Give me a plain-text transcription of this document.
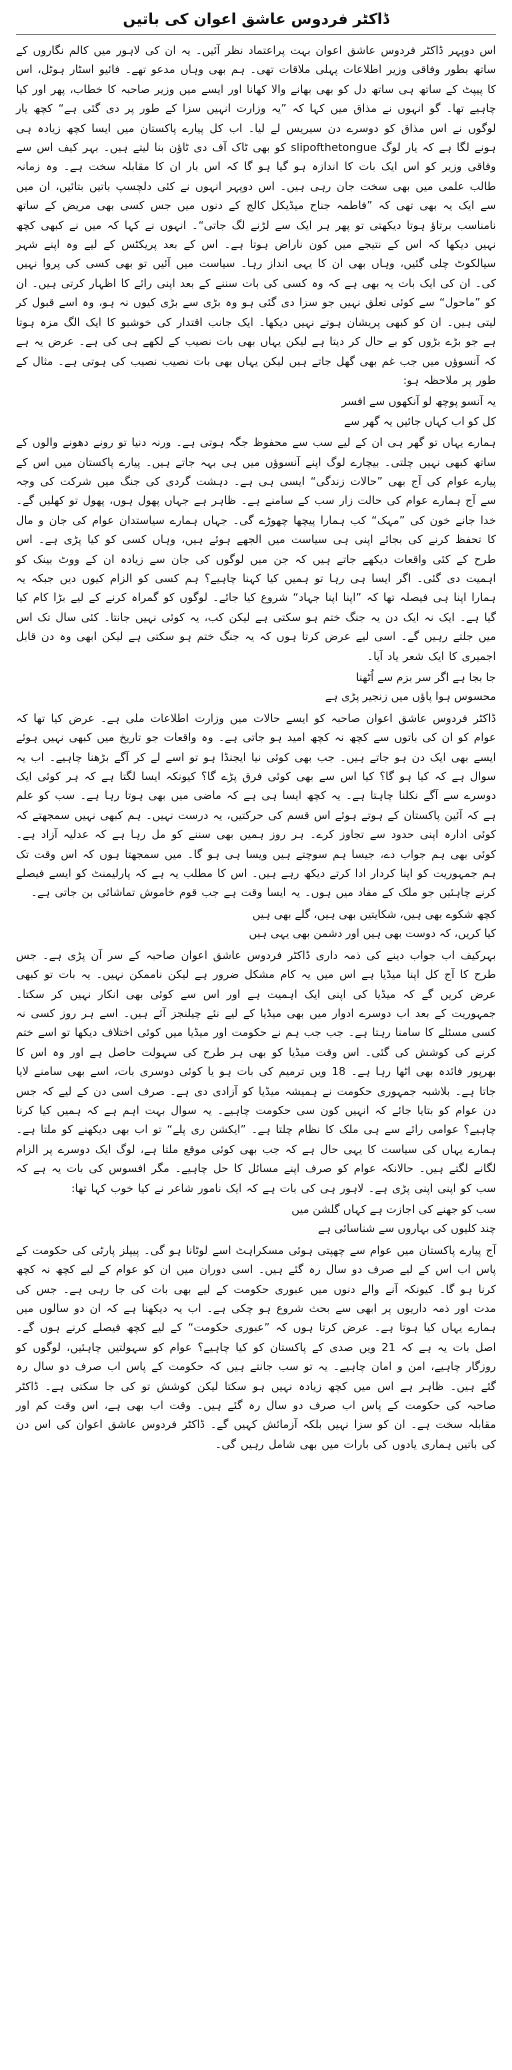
ڈاکٹر فردوس عاشق اعوان کی باتیں
اس دوپہر ڈاکٹر فردوس عاشق اعوان بہت پراعتماد نظر آئیں۔ یہ ان کی لاہور میں کالم نگاروں کے ساتھ بطور وفاقی وزیر اطلاعات پہلی ملاقات تھی۔ ہم بھی وہاں مدعو تھے۔ فائیو اسٹار ہوٹل، اس کا پیپٹ کے ساتھ ہی ساتھ دل کو بھی بھانے والا کھانا اور ایسے میں وزیر صاحبہ کا خطاب، پھر اور کیا چاہیے تھا۔ گو انہوں نے مذاق میں کہا کہ ”یہ وزارت انہیں سزا کے طور پر دی گئی ہے“ کچھ یار لوگوں نے اس مذاق کو دوسرے دن سیریس لے لیا۔ اب کل پیارے پاکستان میں ایسا کچھ زیادہ ہی ہونے لگا ہے کہ یار لوگ slipofthetongue کو بھی ٹاک آف دی ٹاؤن بنا لیتے ہیں۔ بہر کیف اس سے وفاقی وزیر کو اس ایک بات کا اندازہ ہو گیا ہو گا کہ اس بار ان کا مقابلہ سخت ہے۔ وہ زمانہ طالب علمی میں بھی سخت جان رہی ہیں۔ اس دوپہر انہوں نے کئی دلچسپ باتیں بتائیں، ان میں سے ایک یہ بھی تھی کہ ”فاطمہ جناح میڈیکل کالج کے دنوں میں جس کسی بھی مریض کے ساتھ نامناسب برتاؤ ہوتا دیکھتی تو پھر ہر ایک سے لڑنے لگ جاتی“۔ انہوں نے کہا کہ میں نے کبھی کچھ نہیں دیکھا کہ اس کے نتیجے میں کون ناراض ہوتا ہے۔ اس کے بعد پریکٹس کے لیے وہ اپنے شہر سیالکوٹ چلی گئیں، وہاں بھی ان کا یہی انداز رہا۔ سیاست میں آئیں تو بھی کسی کی پروا نہیں کی۔ ان کی ایک بات یہ بھی ہے کہ وہ کسی کی بات سننے کے بعد اپنی رائے کا اظہار کرتی ہیں۔ ان کو ”ماحول“ سے کوئی تعلق نہیں جو سزا دی گئی ہو وہ بڑی سے بڑی کیوں نہ ہو، وہ اسے قبول کر لیتی ہیں۔ ان کو کبھی پریشان ہوتے نہیں دیکھا۔ ایک جانب اقتدار کی خوشبو کا ایک الگ مزہ ہوتا ہے جو بڑے بڑوں کو بے حال کر دیتا ہے لیکن یہاں بھی بات نصیب کے لکھے ہی کی ہے۔ عرض یہ ہے کہ آنسوؤں میں جب غم بھی گھل جاتے ہیں لیکن یہاں بھی بات نصیب نصیب کی ہوتی ہے۔ مثال کے طور پر ملاحظہ ہو:
یہ آنسو پوچھ لو آنکھوں سے افسر
کل کو اب کہاں جائیں یہ گھر سے
ہمارے یہاں تو گھر ہی ان کے لیے سب سے محفوظ جگہ ہوتی ہے۔ ورنہ دنیا تو رونے دھونے والوں کے ساتھ کبھی نہیں چلتی۔ بیچارے لوگ اپنے آنسوؤں میں ہی بہہ جاتے ہیں۔ پیارے پاکستان میں اس کے پیارے عوام کی آج بھی ”حالات زندگی“ ایسی ہی ہے۔ دہشت گردی کی جنگ میں شرکت کی وجہ سے آج ہمارے عوام کی حالت زار سب کے سامنے ہے۔ ظاہر ہے جہاں پھول ہوں، پھول تو کھلیں گے۔ خدا جانے خون کی ”مہک“ کب ہمارا پیچھا چھوڑے گی۔ جہاں ہمارے سیاستدان عوام کی جان و مال کا تحفظ کرنے کی بجائے اپنی ہی سیاست میں الجھے ہوئے ہیں، وہاں کسی کو کیا پڑی ہے۔ اس طرح کے کئی واقعات دیکھے جاتے ہیں کہ جن میں لوگوں کی جان سے زیادہ ان کے ووٹ بینک کو اہمیت دی گئی۔ اگر ایسا ہی رہا تو ہمیں کیا کہنا چاہیے؟ ہم کسی کو الزام کیوں دیں جبکہ یہ ہمارا اپنا ہی فیصلہ تھا کہ ”اپنا اپنا جہاد“ شروع کیا جائے۔ لوگوں کو گمراہ کرنے کے لیے بڑا کام کیا گیا ہے۔ ایک نہ ایک دن یہ جنگ ختم ہو سکتی ہے لیکن کب، یہ کوئی نہیں جانتا۔ کئی سال تک اس میں جلتے رہیں گے۔ اسی لیے عرض کرتا ہوں کہ یہ جنگ ختم ہو سکتی ہے لیکن ابھی وہ دن قابل اجمیری کا ایک شعر یاد آیا۔
جا بجا ہے اگر سر بزم سے اُٹھنا
محسوس ہوا پاؤں میں زنجیر پڑی ہے
ڈاکٹر فردوس عاشق اعوان صاحبہ کو ایسے حالات میں وزارت اطلاعات ملی ہے۔ عرض کیا تھا کہ عوام کو ان کی باتوں سے کچھ نہ کچھ امید ہو جاتی ہے۔ وہ واقعات جو تاریخ میں کبھی نہیں ہوئے ایسے بھی ایک دن ہو جاتے ہیں۔ جب بھی کوئی نیا ایجنڈا ہو تو اسے لے کر آگے بڑھنا چاہیے۔ اب یہ سوال ہے کہ کیا ہو گا؟ کیا اس سے بھی کوئی فرق پڑے گا؟ کیونکہ ایسا لگتا ہے کہ ہر کوئی ایک دوسرے سے آگے نکلنا چاہتا ہے۔ یہ کچھ ایسا ہی ہے کہ ماضی میں بھی ہوتا رہا ہے۔ سب کو علم ہے کہ آئین پاکستان کے ہوتے ہوئے اس قسم کی حرکتیں، یہ درست نہیں۔ ہم کبھی نہیں سمجھتے کہ کوئی ادارہ اپنی حدود سے تجاوز کرے۔ ہر روز ہمیں بھی سننے کو مل رہا ہے کہ عدلیہ آزاد ہے۔ کوئی بھی ہم جواب دے، جیسا ہم سوچتے ہیں ویسا ہی ہو گا۔ میں سمجھتا ہوں کہ اس وقت تک ہم جمہوریت کو اپنا کردار ادا کرتے دیکھ رہے ہیں۔ اس کا مطلب یہ ہے کہ پارلیمنٹ کو ایسے فیصلے کرنے چاہئیں جو ملک کے مفاد میں ہوں۔ یہ ایسا وقت ہے جب قوم خاموش تماشائی بن جاتی ہے۔
کچھ شکوے بھی ہیں، شکایتیں بھی ہیں، گلے بھی ہیں
کیا کریں، کہ دوست بھی ہیں اور دشمن بھی یہی ہیں
بہرکیف اب جواب دینے کی ذمہ داری ڈاکٹر فردوس عاشق اعوان صاحبہ کے سر آن پڑی ہے۔ جس طرح کا آج کل اپنا میڈیا ہے اس میں یہ کام مشکل ضرور ہے لیکن ناممکن نہیں۔ یہ بات تو کبھی عرض کریں گے کہ میڈیا کی اپنی ایک اہمیت ہے اور اس سے کوئی بھی انکار نہیں کر سکتا۔ جمہوریت کے بعد اب دوسرے ادوار میں بھی میڈیا کے لیے نئے چیلنجز آئے ہیں۔ اسے ہر روز کسی نہ کسی مسئلے کا سامنا رہتا ہے۔ جب جب ہم نے حکومت اور میڈیا میں کوئی اختلاف دیکھا تو اسے ختم کرنے کی کوشش کی گئی۔ اس وقت میڈیا کو بھی ہر طرح کی سہولت حاصل ہے اور وہ اس کا بھرپور فائدہ بھی اٹھا رہا ہے۔ 18 ویں ترمیم کی بات ہو یا کوئی دوسری بات، اسے بھی سامنے لایا جاتا ہے۔ بلاشبہ جمہوری حکومت نے ہمیشہ میڈیا کو آزادی دی ہے۔ صرف اسی دن کے لیے کہ جس دن عوام کو بتایا جائے کہ انہیں کون سی حکومت چاہیے۔ یہ سوال بہت اہم ہے کہ ہمیں کیا کرنا چاہیے؟ عوامی رائے سے ہی ملک کا نظام چلتا ہے۔ ”ایکشن ری پلے“ تو اب بھی دیکھنے کو ملتا ہے۔ ہمارے یہاں کی سیاست کا یہی حال ہے کہ جب بھی کوئی موقع ملتا ہے، لوگ ایک دوسرے پر الزام لگانے لگتے ہیں۔ حالانکہ عوام کو صرف اپنے مسائل کا حل چاہیے۔ مگر افسوس کی بات یہ ہے کہ سب کو اپنی اپنی پڑی ہے۔ لاہور ہی کی بات ہے کہ ایک نامور شاعر نے کیا خوب کہا تھا:
سب کو جھنے کی اجازت ہے کہاں گلشن میں
چند کلیوں کی بہاروں سے شناسائی ہے
آج پیارے پاکستان میں عوام سے چھپتی ہوئی مسکراہٹ اسے لوٹانا ہو گی۔ پیپلز پارٹی کی حکومت کے پاس اب اس کے لیے صرف دو سال رہ گئے ہیں۔ اسی دوران میں ان کو عوام کے لیے کچھ نہ کچھ کرنا ہو گا۔ کیونکہ آنے والے دنوں میں عبوری حکومت کے لیے بھی بات کی جا رہی ہے۔ جس کی مدت اور ذمہ داریوں پر ابھی سے بحث شروع ہو چکی ہے۔ اب یہ دیکھنا ہے کہ ان دو سالوں میں ہمارے یہاں کیا ہوتا ہے۔ عرض کرتا ہوں کہ ”عبوری حکومت“ کے لیے کچھ فیصلے کرنے ہوں گے۔ اصل بات یہ ہے کہ 21 ویں صدی کے پاکستان کو کیا چاہیے؟ عوام کو سہولتیں چاہئیں، لوگوں کو روزگار چاہیے، امن و امان چاہیے۔ یہ تو سب جانتے ہیں کہ حکومت کے پاس اب صرف دو سال رہ گئے ہیں۔ ظاہر ہے اس میں کچھ زیادہ نہیں ہو سکتا لیکن کوشش تو کی جا سکتی ہے۔ ڈاکٹر صاحبہ کی حکومت کے پاس اب صرف دو سال رہ گئے ہیں۔ وقت اب بھی ہے، اس وقت کم اور مقابلہ سخت ہے۔ ان کو سزا نہیں بلکہ آزمائش کہیں گے۔ ڈاکٹر فردوس عاشق اعوان کی اس دن کی باتیں ہماری یادوں کی بارات میں بھی شامل رہیں گی۔
